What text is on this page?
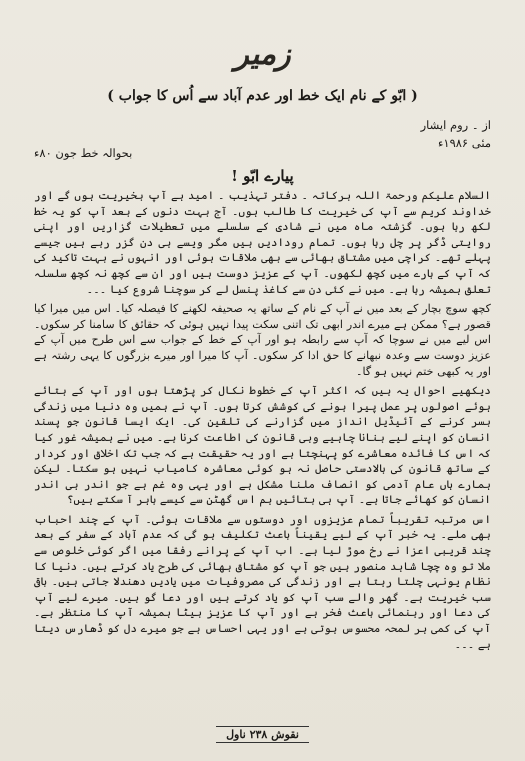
زمیر
( ابّو کے نام ایک خط اور عدم آباد سے اُس کا جواب )
از ۔ روم ایشار
مئی ۱۹۸۶ء
بحوالہ خط جون ۸۰ء
پیارے ابّو !

السلام علیکم ورحمۃ اللہ برکاتہ ۔ دفتر تہذیب ۔ امید ہے آپ بخیریت ہوں گے اور خداوند کریم سے آپ کی خیریت کا طالب ہوں۔ آج بہت دنوں کے بعد آپ کو یہ خط لکھ رہا ہوں۔ گزشتہ ماہ میں نے شادی کے سلسلے میں تعطیلات گزاریں اور اپنی روایتی ڈگر پر چل رہا ہوں۔ تمام رودادیں ہیں مگر ویسے ہی دن گزر رہے ہیں جیسے پہلے تھے۔ کراچی میں مشتاق بھائی سے بھی ملاقات ہوئی اور انہوں نے بہت تاکید کی کہ آپ کے بارے میں کچھ لکھوں۔ آپ کے عزیز دوست ہیں اور ان سے کچھ نہ کچھ سلسلہ تعلق ہمیشہ رہا ہے۔ میں نے کئی دن سے کاغذ پنسل لے کر سوچنا شروع کیا ۔۔۔

کچھ سوچ بچار کے بعد میں نے آپ کے نام کے ساتھ یہ صحیفہ لکھنے کا فیصلہ کیا۔ اس میں میرا کیا قصور ہے؟ ممکن ہے میرے اندر ابھی تک اتنی سکت پیدا نہیں ہوئی کہ حقائق کا سامنا کر سکوں۔ اس لیے میں نے سوچا کہ آپ سے رابطہ ہو اور آپ کے خط کے جواب سے اس طرح میں آپ کے عزیز دوست سے وعدہ نبھانے کا حق ادا کر سکوں۔ آپ کا میرا اور میرے بزرگوں کا یہی رشتہ ہے اور یہ کبھی ختم نہیں ہو گا۔

دیکھیے احوال یہ ہیں کہ اکثر آپ کے خطوط نکال کر پڑھتا ہوں اور آپ کے بتائے ہوئے اصولوں پر عمل پیرا ہونے کی کوشش کرتا ہوں۔ آپ نے ہمیں وہ دنیا میں زندگی بسر کرنے کے آئیڈیل انداز میں گزارنے کی تلقین کی۔ ایک ایسا قانون جو پسند انسان کو اپنے لیے بنانا چاہیے وہی قانون کی اطاعت کرنا ہے۔ میں نے ہمیشہ غور کیا کہ اس کا فائدہ معاشرے کو پہنچتا ہے اور یہ حقیقت ہے کہ جب تک اخلاق اور کردار کے ساتھ قانون کی بالادستی حاصل نہ ہو کوئی معاشرہ کامیاب نہیں ہو سکتا۔ لیکن ہمارے ہاں عام آدمی کو انصاف ملنا مشکل ہے اور یہی وہ غم ہے جو اندر ہی اندر انسان کو کھائے جاتا ہے۔ آپ ہی بتائیں ہم اس گھٹن سے کیسے باہر آ سکتے ہیں؟

اس مرتبہ تقریباً تمام عزیزوں اور دوستوں سے ملاقات ہوئی۔ آپ کے چند احباب بھی ملے۔ یہ خبر آپ کے لیے یقیناً باعث تکلیف ہو گی کہ عدم آباد کے سفر کے بعد چند قریبی اعزا نے رخ موڑ لیا ہے۔ اب آپ کے پرانے رفقا میں اگر کوئی خلوص سے ملا تو وہ چچا شاہد منصور ہیں جو آپ کو مشتاق بھائی کی طرح یاد کرتے ہیں۔ دنیا کا نظام یونہی چلتا رہتا ہے اور زندگی کی مصروفیات میں یادیں دھندلا جاتی ہیں۔ باقی سب خیریت ہے۔ گھر والے سب آپ کو یاد کرتے ہیں اور دعا گو ہیں۔ میرے لیے آپ کی دعا اور رہنمائی باعث فخر ہے اور آپ کا عزیز بیٹا ہمیشہ آپ کا منتظر ہے۔ آپ کی کمی ہر لمحہ محسوس ہوتی ہے اور یہی احساس ہے جو میرے دل کو ڈھارس دیتا ہے ۔۔۔

نقوش ۲۳۸ ناول
